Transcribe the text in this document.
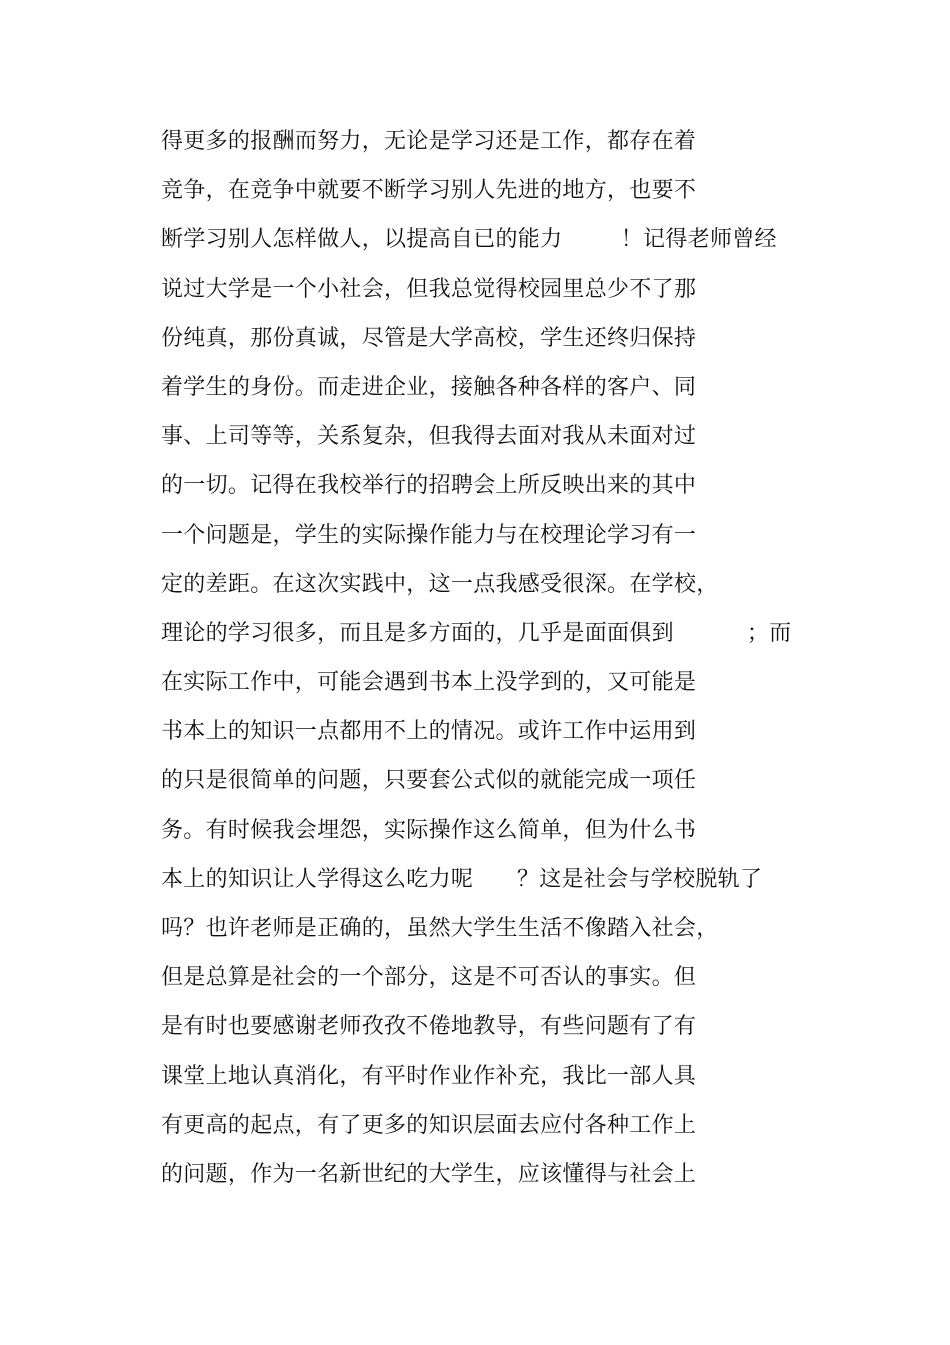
得更多的报酬而努力，无论是学习还是工作，都存在着
竞争，在竞争中就要不断学习别人先进的地方，也要不
断学习别人怎样做人，以提高自已的能力        ！记得老师曾经
说过大学是一个小社会，但我总觉得校园里总少不了那
份纯真，那份真诚，尽管是大学高校，学生还终归保持
着学生的身份。而走进企业，接触各种各样的客户、同
事、上司等等，关系复杂，但我得去面对我从未面对过
的一切。记得在我校举行的招聘会上所反映出来的其中
一个问题是，学生的实际操作能力与在校理论学习有一
定的差距。在这次实践中，这一点我感受很深。在学校，
理论的学习很多，而且是多方面的，几乎是面面俱到          ；而
在实际工作中，可能会遇到书本上没学到的，又可能是
书本上的知识一点都用不上的情况。或许工作中运用到
的只是很简单的问题，只要套公式似的就能完成一项任
务。有时候我会埋怨，实际操作这么简单，但为什么书
本上的知识让人学得这么吃力呢      ？这是社会与学校脱轨了
吗？也许老师是正确的，虽然大学生生活不像踏入社会，
但是总算是社会的一个部分，这是不可否认的事实。但
是有时也要感谢老师孜孜不倦地教导，有些问题有了有
课堂上地认真消化，有平时作业作补充，我比一部人具
有更高的起点，有了更多的知识层面去应付各种工作上
的问题，作为一名新世纪的大学生，应该懂得与社会上
